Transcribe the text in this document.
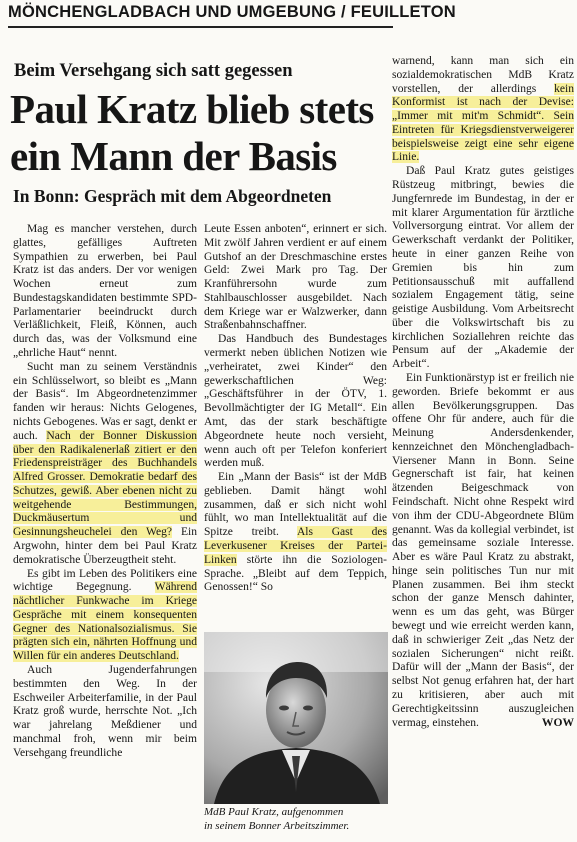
MÖNCHENGLADBACH UND UMGEBUNG / FEUILLETON
Beim Versehgang sich satt gegessen
Paul Kratz blieb stets
ein Mann der Basis
In Bonn: Gespräch mit dem Abgeordneten

Mag es mancher verstehen, durch glattes, gefälliges Auftreten Sympathien zu erwerben, bei Paul Kratz ist das anders. Der vor wenigen Wochen erneut zum Bundestagskandidaten bestimmte SPD-Parlamentarier beeindruckt durch Verläßlichkeit, Fleiß, Können, auch durch das, was der Volksmund eine „ehrliche Haut“ nennt.

Sucht man zu seinem Verständnis ein Schlüsselwort, so bleibt es „Mann der Basis“. Im Abgeordnetenzimmer fanden wir heraus: Nichts Gelogenes, nichts Gebogenes. Was er sagt, denkt er auch. Nach der Bonner Diskussion über den Radikalenerlaß zitiert er den Friedenspreisträger des Buchhandels Alfred Grosser. Demokratie bedarf des Schutzes, gewiß. Aber ebenen nicht zu weitgehende Bestimmungen, Duckmäusertum und Gesinnungsheuchelei den Weg? Ein Argwohn, hinter dem bei Paul Kratz demokratische Überzeugtheit steht.

Es gibt im Leben des Politikers eine wichtige Begegnung. Während nächtlicher Funkwache im Kriege Gespräche mit einem konsequenten Gegner des Nationalsozialismus. Sie prägten sich ein, nährten Hoffnung und Willen für ein anderes Deutschland.

Auch Jugenderfahrungen bestimmten den Weg. In der Eschweiler Arbeiterfamilie, in der Paul Kratz groß wurde, herrschte Not. „Ich war jahrelang Meßdiener und manchmal froh, wenn mir beim Versehgang freundliche

Leute Essen anboten“, erinnert er sich. Mit zwölf Jahren verdient er auf einem Gutshof an der Dreschmaschine erstes Geld: Zwei Mark pro Tag. Der Kranführersohn wurde zum Stahlbauschlosser ausgebildet. Nach dem Kriege war er Walzwerker, dann Straßenbahnschaffner.

Das Handbuch des Bundestages vermerkt neben üblichen Notizen wie „verheiratet, zwei Kinder“ den gewerkschaftlichen Weg: „Geschäftsführer in der ÖTV, 1. Bevollmächtigter der IG Metall“. Ein Amt, das der stark beschäftigte Abgeordnete heute noch versieht, wenn auch oft per Telefon konferiert werden muß.

Ein „Mann der Basis“ ist der MdB geblieben. Damit hängt wohl zusammen, daß er sich nicht wohl fühlt, wo man Intellektualität auf die Spitze treibt. Als Gast des Leverkusener Kreises der Partei-Linken störte ihn die Soziologen-Sprache. „Bleibt auf dem Teppich, Genossen!“ So

MdB Paul Kratz, aufgenommen
in seinem Bonner Arbeitszimmer.

warnend, kann man sich ein sozialdemokratischen MdB Kratz vorstellen, der allerdings kein Konformist ist nach der Devise: „Immer mit mit'm Schmidt“. Sein Eintreten für Kriegsdienstverweigerer beispielsweise zeigt eine sehr eigene Linie.

Daß Paul Kratz gutes geistiges Rüstzeug mitbringt, bewies die Jungfernrede im Bundestag, in der er mit klarer Argumentation für ärztliche Vollversorgung eintrat. Vor allem der Gewerkschaft verdankt der Politiker, heute in einer ganzen Reihe von Gremien bis hin zum Petitionsausschuß mit auffallend sozialem Engagement tätig, seine geistige Ausbildung. Vom Arbeitsrecht über die Volkswirtschaft bis zu kirchlichen Soziallehren reichte das Pensum auf der „Akademie der Arbeit“.

Ein Funktionärstyp ist er freilich nie geworden. Briefe bekommt er aus allen Bevölkerungsgruppen. Das offene Ohr für andere, auch für die Meinung Andersdenkender, kennzeichnet den Mönchengladbach-Viersener Mann in Bonn. Seine Gegnerschaft ist fair, hat keinen ätzenden Beigeschmack von Feindschaft. Nicht ohne Respekt wird von ihm der CDU-Abgeordnete Blüm genannt. Was da kollegial verbindet, ist das gemeinsame soziale Interesse. Aber es wäre Paul Kratz zu abstrakt, hinge sein politisches Tun nur mit Planen zusammen. Bei ihm steckt schon der ganze Mensch dahinter, wenn es um das geht, was Bürger bewegt und wie erreicht werden kann, daß in schwieriger Zeit „das Netz der sozialen Sicherungen“ nicht reißt. Dafür will der „Mann der Basis“, der selbst Not genug erfahren hat, der hart zu kritisieren, aber auch mit Gerechtigkeitssinn auszugleichen vermag, einstehen.	WOW
